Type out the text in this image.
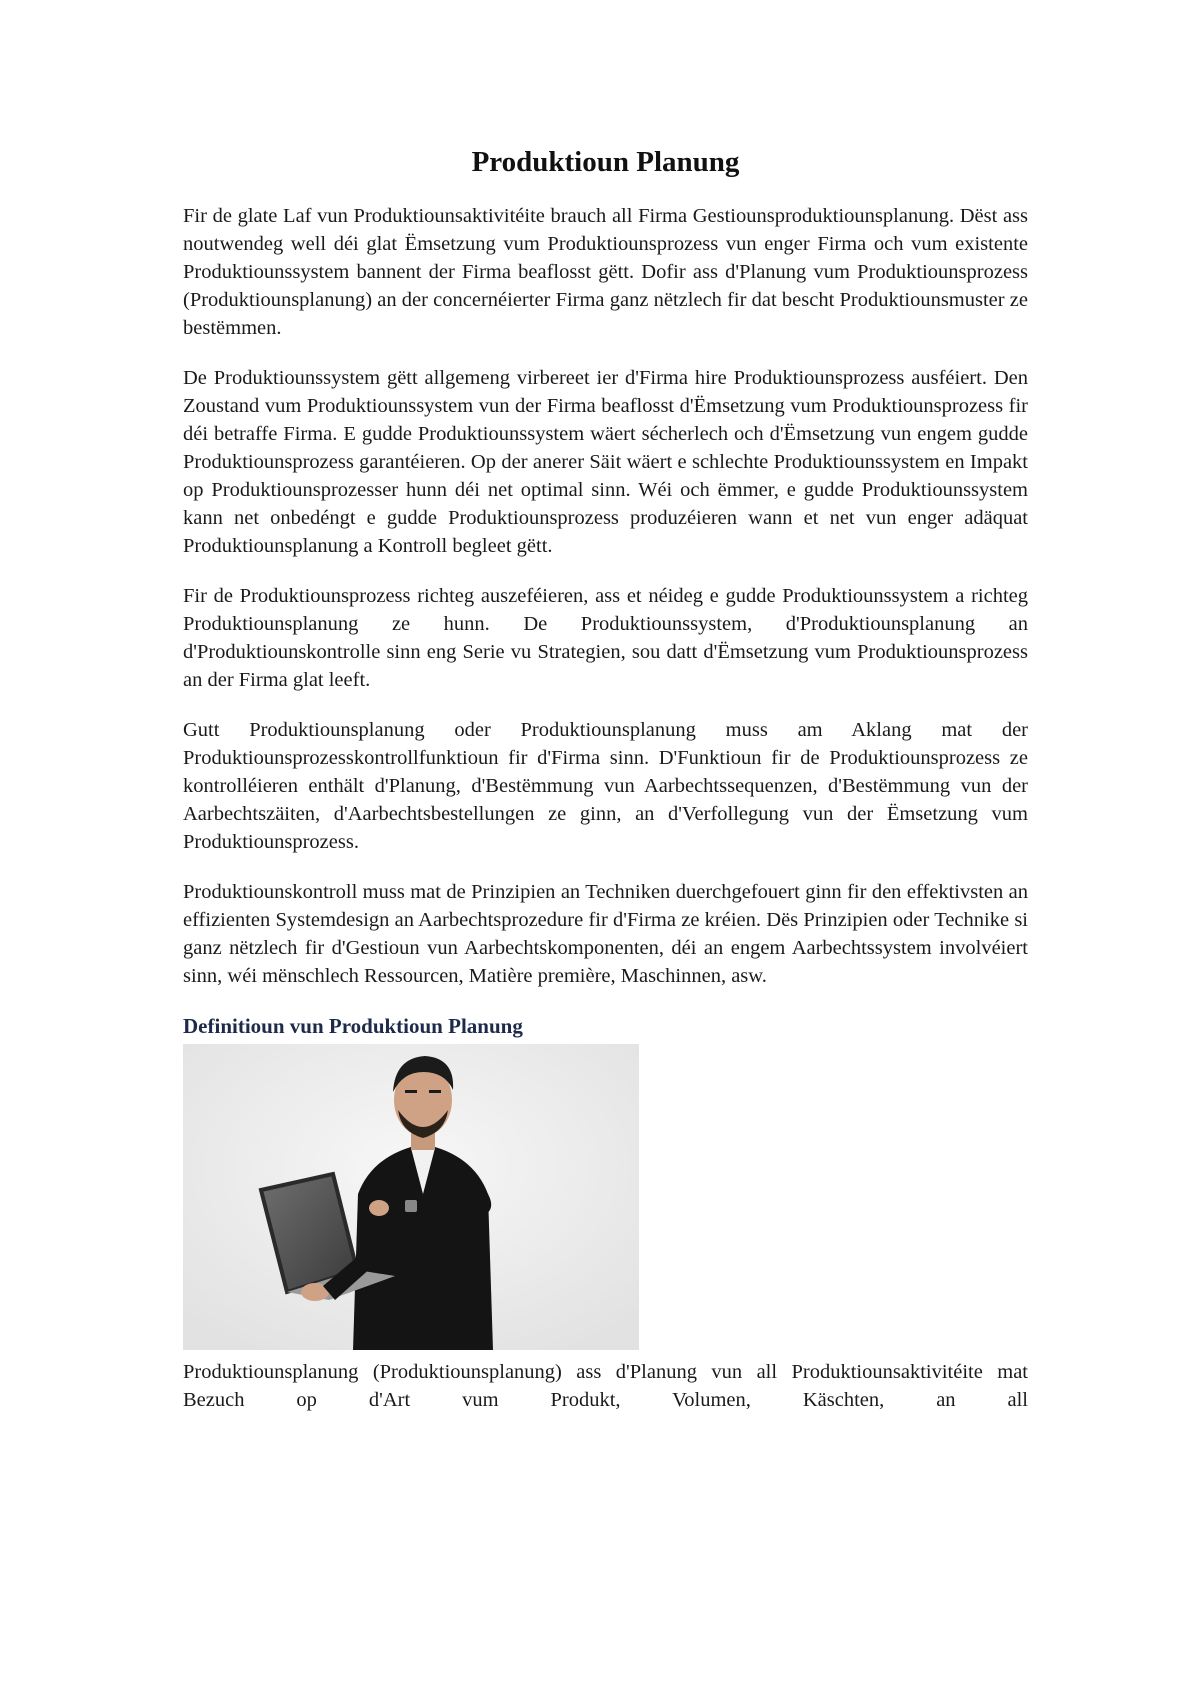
Produktioun Planung

Fir de glate Laf vun Produktiounsaktivitéite brauch all Firma Gestiounsproduktiounsplanung. Dëst ass noutwendeg well déi glat Ëmsetzung vum Produktiounsprozess vun enger Firma och vum existente Produktiounssystem bannent der Firma beaflosst gëtt. Dofir ass d'Planung vum Produktiounsprozess (Produktiounsplanung) an der concernéierter Firma ganz nëtzlech fir dat bescht Produktiounsmuster ze bestëmmen.

De Produktiounssystem gëtt allgemeng virbereet ier d'Firma hire Produktiounsprozess ausféiert. Den Zoustand vum Produktiounssystem vun der Firma beaflosst d'Ëmsetzung vum Produktiounsprozess fir déi betraffe Firma. E gudde Produktiounssystem wäert sécherlech och d'Ëmsetzung vun engem gudde Produktiounsprozess garantéieren. Op der anerer Säit wäert e schlechte Produktiounssystem en Impakt op Produktiounsprozesser hunn déi net optimal sinn. Wéi och ëmmer, e gudde Produktiounssystem kann net onbedéngt e gudde Produktiounsprozess produzéieren wann et net vun enger adäquat Produktiounsplanung a Kontroll begleet gëtt.

Fir de Produktiounsprozess richteg auszeféieren, ass et néideg e gudde Produktiounssystem a richteg Produktiounsplanung ze hunn. De Produktiounssystem, d'Produktiounsplanung an d'Produktiounskontrolle sinn eng Serie vu Strategien, sou datt d'Ëmsetzung vum Produktiounsprozess an der Firma glat leeft.

Gutt Produktiounsplanung oder Produktiounsplanung muss am Aklang mat der Produktiounsprozesskontrollfunktioun fir d'Firma sinn. D'Funktioun fir de Produktiounsprozess ze kontrolléieren enthält d'Planung, d'Bestëmmung vun Aarbechtssequenzen, d'Bestëmmung vun der Aarbechtszäiten, d'Aarbechtsbestellungen ze ginn, an d'Verfollegung vun der Ëmsetzung vum Produktiounsprozess.

Produktiounskontroll muss mat de Prinzipien an Techniken duerchgefouert ginn fir den effektivsten an effizienten Systemdesign an Aarbechtsprozedure fir d'Firma ze kréien. Dës Prinzipien oder Technike si ganz nëtzlech fir d'Gestioun vun Aarbechtskomponenten, déi an engem Aarbechtssystem involvéiert sinn, wéi mënschlech Ressourcen, Matière première, Maschinnen, asw.

Definitioun vun Produktioun Planung

Produktiounsplanung (Produktiounsplanung) ass d'Planung vun all Produktiounsaktivitéite mat Bezuch op d'Art vum Produkt, Volumen, Käschten, an all
